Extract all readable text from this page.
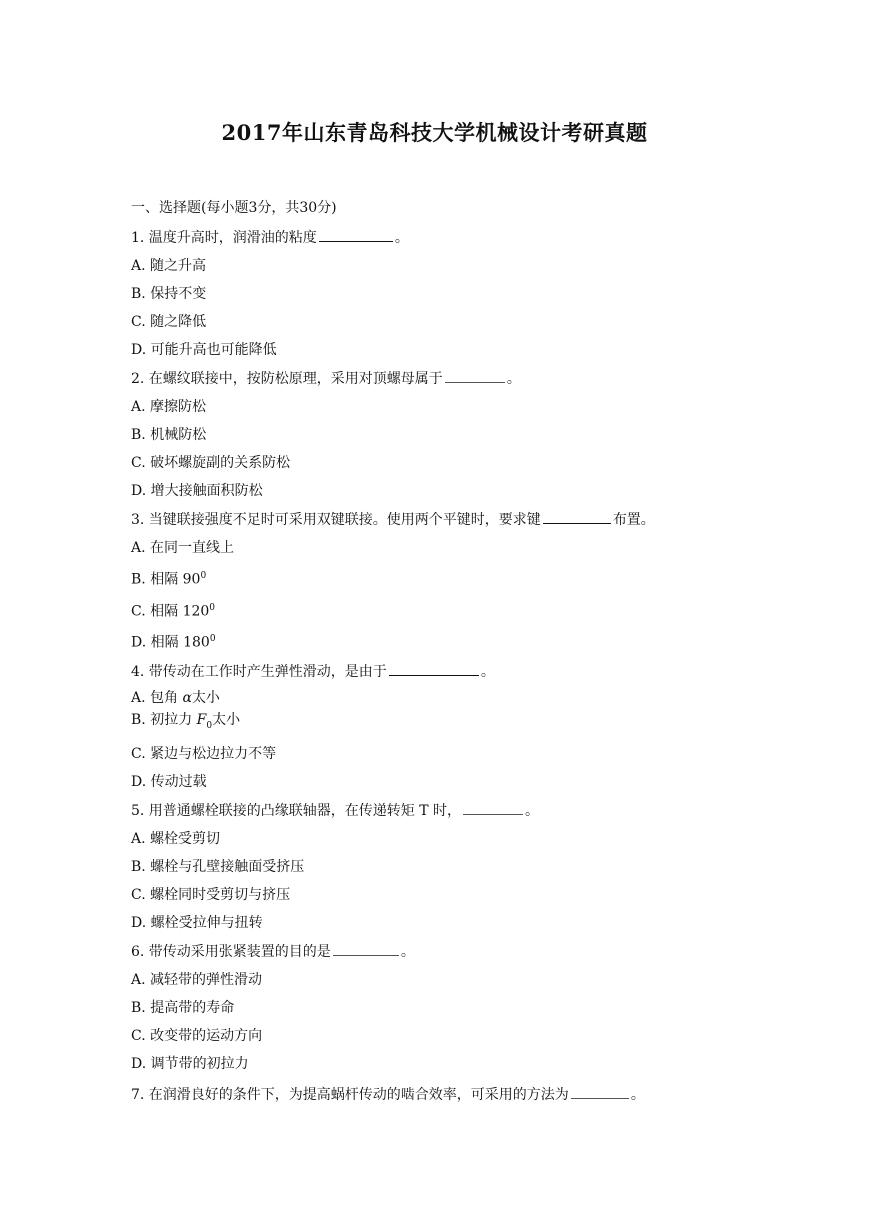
2017年山东青岛科技大学机械设计考研真题
一、选择题(每小题3分，共30分)
1. 温度升高时，润滑油的粘度	。
A. 随之升高
B. 保持不变
C. 随之降低
D. 可能升高也可能降低
2. 在螺纹联接中，按防松原理，采用对顶螺母属于	。
A. 摩擦防松
B. 机械防松
C. 破坏螺旋副的关系防松
D. 增大接触面积防松
3. 当键联接强度不足时可采用双键联接。使用两个平键时，要求键	布置。
A. 在同一直线上
B. 相隔 $90^0$
C. 相隔 $120^0$
D. 相隔 $180^0$
4. 带传动在工作时产生弹性滑动，是由于	。
A. 包角 α太小
B. 初拉力 $F_0$太小
C. 紧边与松边拉力不等
D. 传动过载
5. 用普通螺栓联接的凸缘联轴器，在传递转矩 T 时，	。
A. 螺栓受剪切
B. 螺栓与孔壁接触面受挤压
C. 螺栓同时受剪切与挤压
D. 螺栓受拉伸与扭转
6. 带传动采用张紧装置的目的是	。
A. 减轻带的弹性滑动
B. 提高带的寿命
C. 改变带的运动方向
D. 调节带的初拉力
7. 在润滑良好的条件下，为提高蜗杆传动的啮合效率，可采用的方法为	。
